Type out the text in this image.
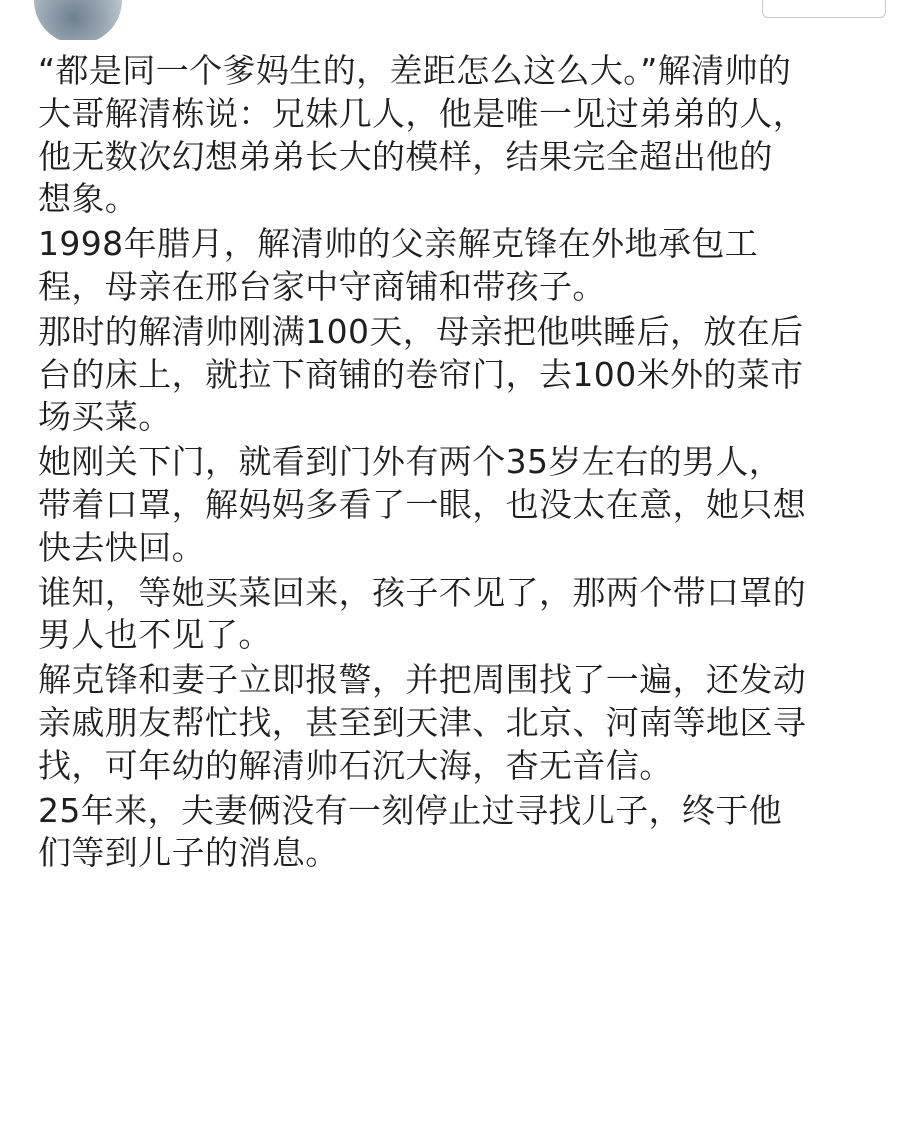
“都是同一个爹妈生的，差距怎么这么大。”解清帅的
大哥解清栋说：兄妹几人，他是唯一见过弟弟的人，
他无数次幻想弟弟长大的模样，结果完全超出他的
想象。

1998年腊月，解清帅的父亲解克锋在外地承包工
程，母亲在邢台家中守商铺和带孩子。

那时的解清帅刚满100天，母亲把他哄睡后，放在后
台的床上，就拉下商铺的卷帘门，去100米外的菜市
场买菜。

她刚关下门，就看到门外有两个35岁左右的男人，
带着口罩，解妈妈多看了一眼，也没太在意，她只想
快去快回。

谁知，等她买菜回来，孩子不见了，那两个带口罩的
男人也不见了。

解克锋和妻子立即报警，并把周围找了一遍，还发动
亲戚朋友帮忙找，甚至到天津、北京、河南等地区寻
找，可年幼的解清帅石沉大海，杳无音信。

25年来，夫妻俩没有一刻停止过寻找儿子，终于他
们等到儿子的消息。
